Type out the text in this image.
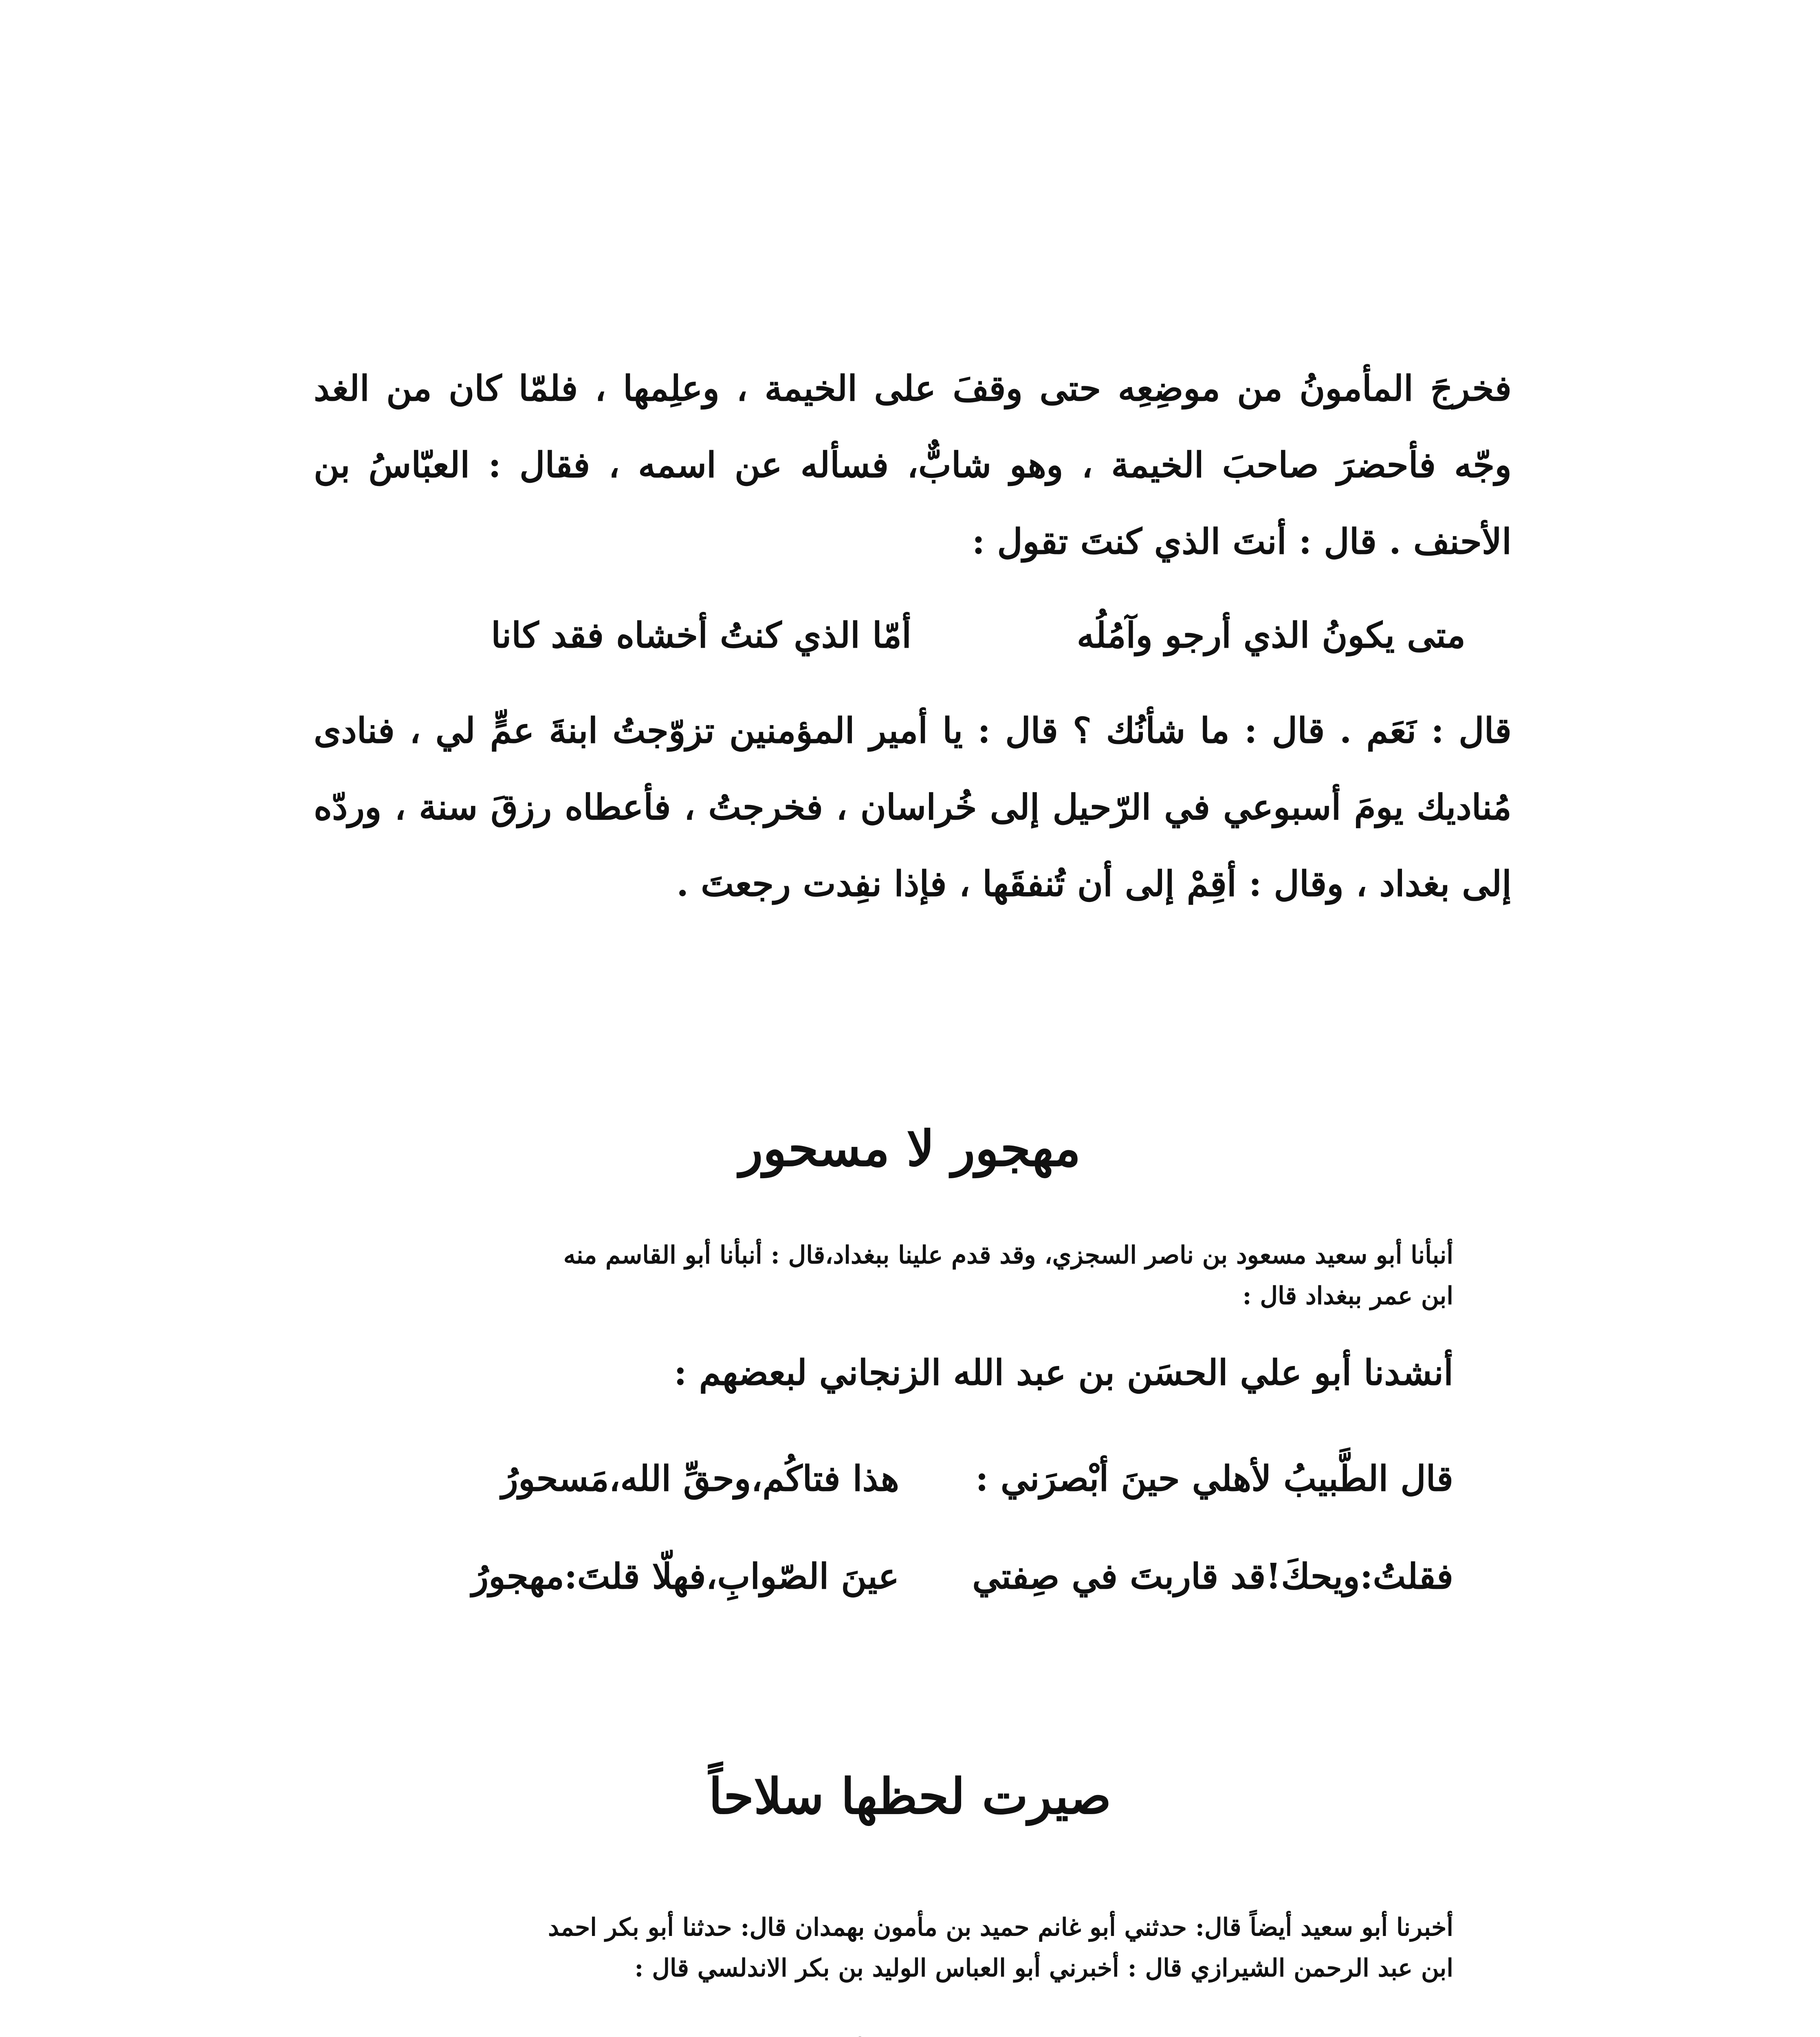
فخرجَ المأمونُ من موضِعِه حتى وقفَ على الخيمة ، وعلِمها ، فلمّا كان من الغد وجّه فأحضرَ صاحبَ الخيمة ، وهو شابٌّ، فسأله عن اسمه ، فقال : العبّاسُ بن الأحنف . قال : أنتَ الذي كنتَ تقول :
متى يكونُ الذي أرجو وآمُلُه
أمّا الذي كنتُ أخشاه فقد كانا
قال : نَعَم . قال : ما شأنُك ؟ قال : يا أمير المؤمنين تزوّجتُ ابنةَ عمٍّ لي ، فنادى مُناديك يومَ أسبوعي في الرّحيل إلى خُراسان ، فخرجتُ ، فأعطاه رزقَ سنة ، وردّه إلى بغداد ، وقال : أقِمْ إلى أن تُنفقَها ، فإذا نفِدت رجعتَ .
مهجور لا مسحور
أنبأنا أبو سعيد مسعود بن ناصر السجزي، وقد قدم علينا ببغداد،قال : أنبأنا أبو القاسم منه
ابن عمر ببغداد قال :
أنشدنا أبو علي الحسَن بن عبد الله الزنجاني لبعضهم :
قال الطَّبيبُ لأهلي حينَ أبْصرَني :
هذا فتاكُم،وحقِّ الله،مَسحورُ
فقلتُ:ويحكَ!قد قاربتَ في صِفتي
عينَ الصّوابِ،فهلّا قلتَ:مهجورُ
صيرت لحظها سلاحاً
أخبرنا أبو سعيد أيضاً قال: حدثني أبو غانم حميد بن مأمون بهمدان قال: حدثنا أبو بكر احمد
ابن عبد الرحمن الشيرازي قال : أخبرني أبو العباس الوليد بن بكر الاندلسي قال :
